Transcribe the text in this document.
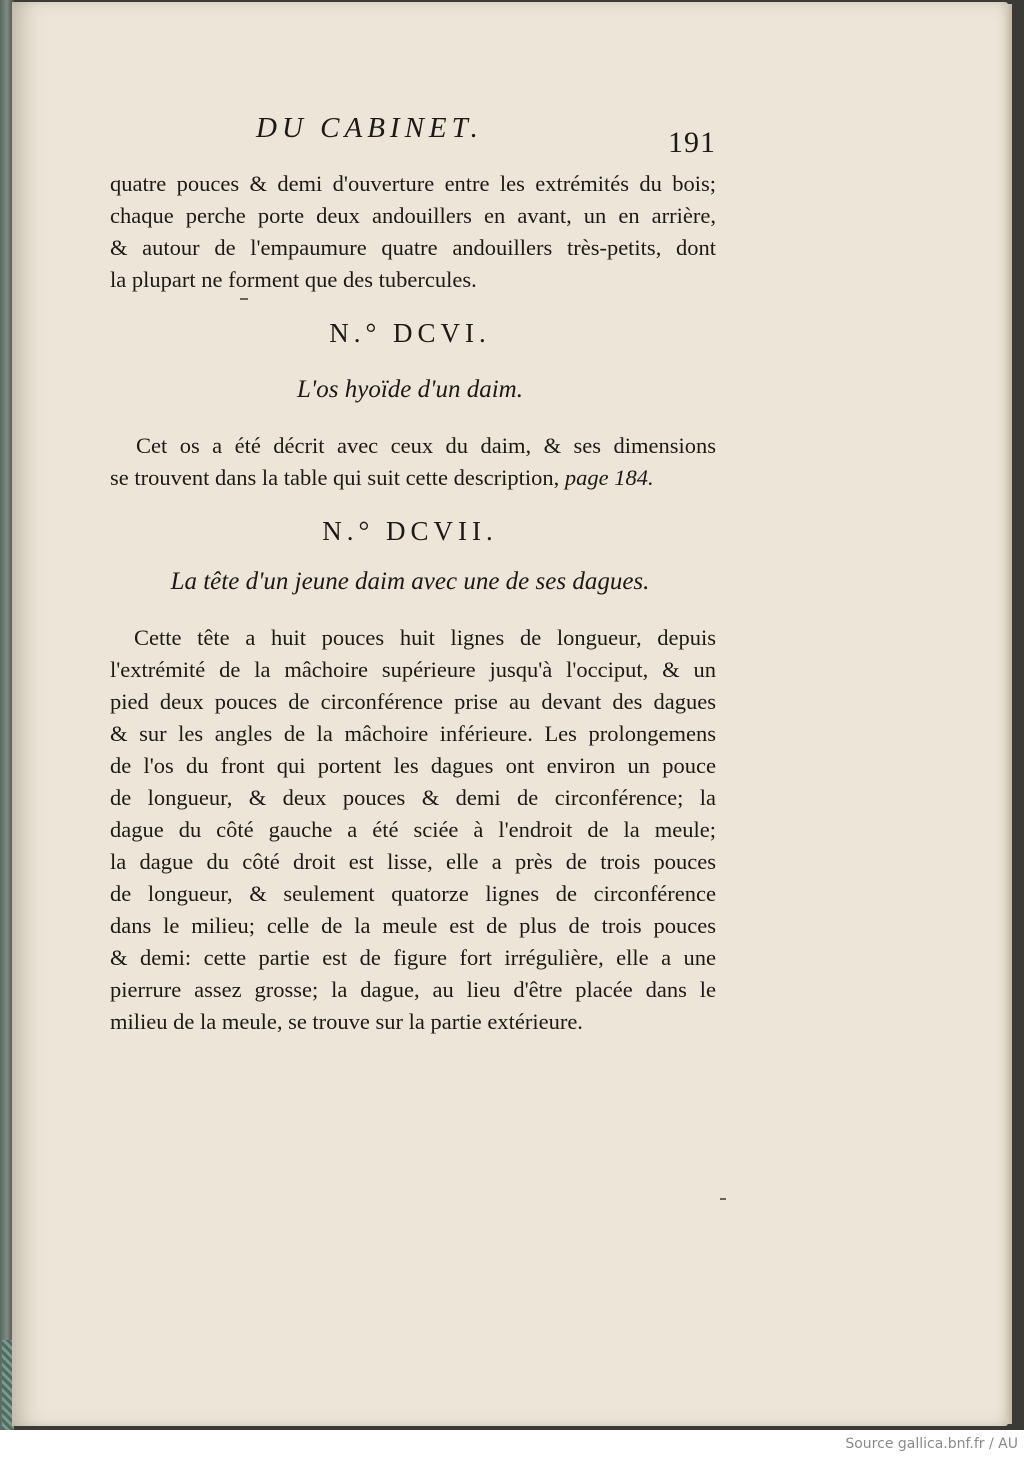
DU CABINET.	191
quatre pouces & demi d'ouverture entre les extrémités du bois;
chaque perche porte deux andouillers en avant, un en arrière,
& autour de l'empaumure quatre andouillers très-petits, dont
la plupart ne forment que des tubercules.
N.° DCVI.
L'os hyoïde d'un daim.
Cet os a été décrit avec ceux du daim, & ses dimensions
se trouvent dans la table qui suit cette description, page 184.
N.° DCVII.
La tête d'un jeune daim avec une de ses dagues.
Cette tête a huit pouces huit lignes de longueur, depuis
l'extrémité de la mâchoire supérieure jusqu'à l'occiput, & un
pied deux pouces de circonférence prise au devant des dagues
& sur les angles de la mâchoire inférieure. Les prolongemens
de l'os du front qui portent les dagues ont environ un pouce
de longueur, & deux pouces & demi de circonférence; la
dague du côté gauche a été sciée à l'endroit de la meule;
la dague du côté droit est lisse, elle a près de trois pouces
de longueur, & seulement quatorze lignes de circonférence
dans le milieu; celle de la meule est de plus de trois pouces
& demi: cette partie est de figure fort irrégulière, elle a une
pierrure assez grosse; la dague, au lieu d'être placée dans le
milieu de la meule, se trouve sur la partie extérieure.
Source gallica.bnf.fr / AU
